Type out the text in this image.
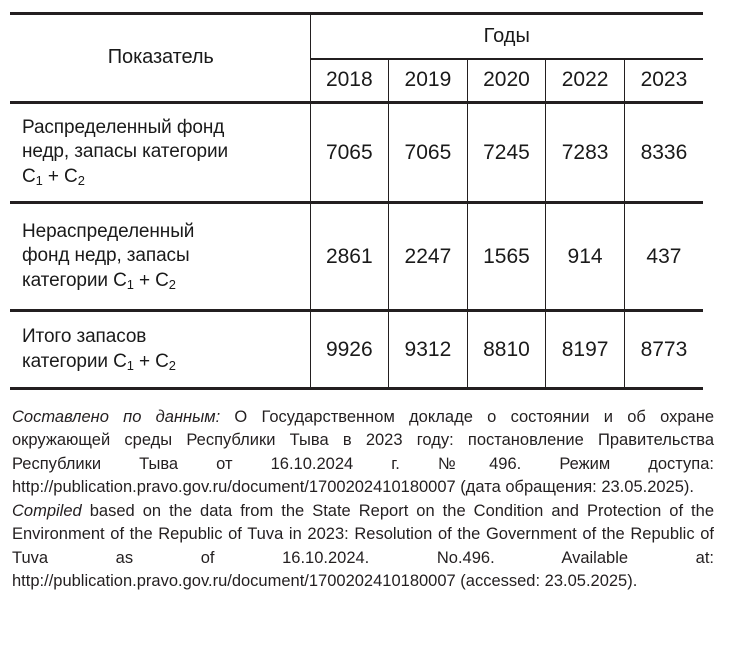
Показатель	Годы				
	2018	2019	2020	2022	2023
Распределенный фонд
недр, запасы категории
$С_1 + С_2$	7065	7065	7245	7283	8336
Нераспределенный
фонд недр, запасы
категории $С_1 + С_2$	2861	2247	1565	914	437
Итого запасов
категории $С_1 + С_2$	9926	9312	8810	8197	8773

Составлено по данным: О Государственном докладе о состоянии и об охране окружающей среды Республики Тыва в 2023 году: постановление Правительства Республики Тыва от 16.10.2024 г. №496. Режим доступа: http://publication.pravo.gov.ru/document/1700202410180007 (дата обращения: 23.05.2025).

Compiled based on the data from the State Report on the Condition and Protection of the Environment of the Republic of Tuva in 2023: Resolution of the Government of the Republic of Tuva as of 16.10.2024. No.496. Available at: http://publication.pravo.gov.ru/document/1700202410180007 (accessed: 23.05.2025).
